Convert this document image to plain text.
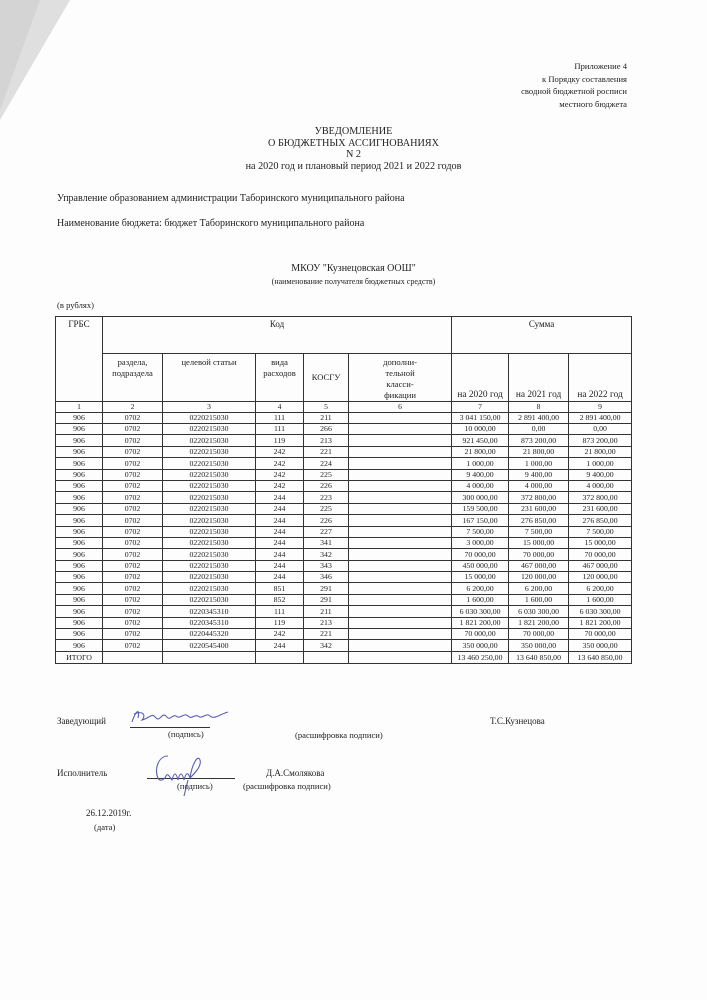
Приложение 4
к Порядку составления
сводной бюджетной росписи
местного бюджета
УВЕДОМЛЕНИЕ
О БЮДЖЕТНЫХ АССИГНОВАНИЯХ
N 2
на 2020 год и плановый период 2021 и 2022 годов
Управление образованием администрации Таборинского муниципального района
Наименование бюджета: бюджет Таборинского муниципального района
МКОУ "Кузнецовская ООШ"
(наименование получателя бюджетных средств)
(в рублях)
ГРБС	Код					Сумма		
	раздела, подраздела	целевой статьи	вида расходов	КОСГУ	дополни- тельной класси- фикации			
						на 2020 год	на 2021 год	на 2022 год
1	2	3	4	5	6	7	8	9
906	0702	0220215030	111	211		3 041 150,00	2 891 400,00	2 891 400,00
906	0702	0220215030	111	266		10 000,00	0,00	0,00
906	0702	0220215030	119	213		921 450,00	873 200,00	873 200,00
906	0702	0220215030	242	221		21 800,00	21 800,00	21 800,00
906	0702	0220215030	242	224		1 000,00	1 000,00	1 000,00
906	0702	0220215030	242	225		9 400,00	9 400,00	9 400,00
906	0702	0220215030	242	226		4 000,00	4 000,00	4 000,00
906	0702	0220215030	244	223		300 000,00	372 800,00	372 800,00
906	0702	0220215030	244	225		159 500,00	231 600,00	231 600,00
906	0702	0220215030	244	226		167 150,00	276 850,00	276 850,00
906	0702	0220215030	244	227		7 500,00	7 500,00	7 500,00
906	0702	0220215030	244	341		3 000,00	15 000,00	15 000,00
906	0702	0220215030	244	342		70 000,00	70 000,00	70 000,00
906	0702	0220215030	244	343		450 000,00	467 000,00	467 000,00
906	0702	0220215030	244	346		15 000,00	120 000,00	120 000,00
906	0702	0220215030	851	291		6 200,00	6 200,00	6 200,00
906	0702	0220215030	852	291		1 600,00	1 600,00	1 600,00
906	0702	0220345310	111	211		6 030 300,00	6 030 300,00	6 030 300,00
906	0702	0220345310	119	213		1 821 200,00	1 821 200,00	1 821 200,00
906	0702	0220445320	242	221		70 000,00	70 000,00	70 000,00
906	0702	0220545400	244	342		350 000,00	350 000,00	350 000,00
ИТОГО						13 460 250,00	13 640 850,00	13 640 850,00
Заведующий
(подпись)	(расшифровка подписи)
Т.С.Кузнецова
Исполнитель
(подпись)
Д.А.Смолякова
(расшифровка подписи)
26.12.2019г.
(дата)
